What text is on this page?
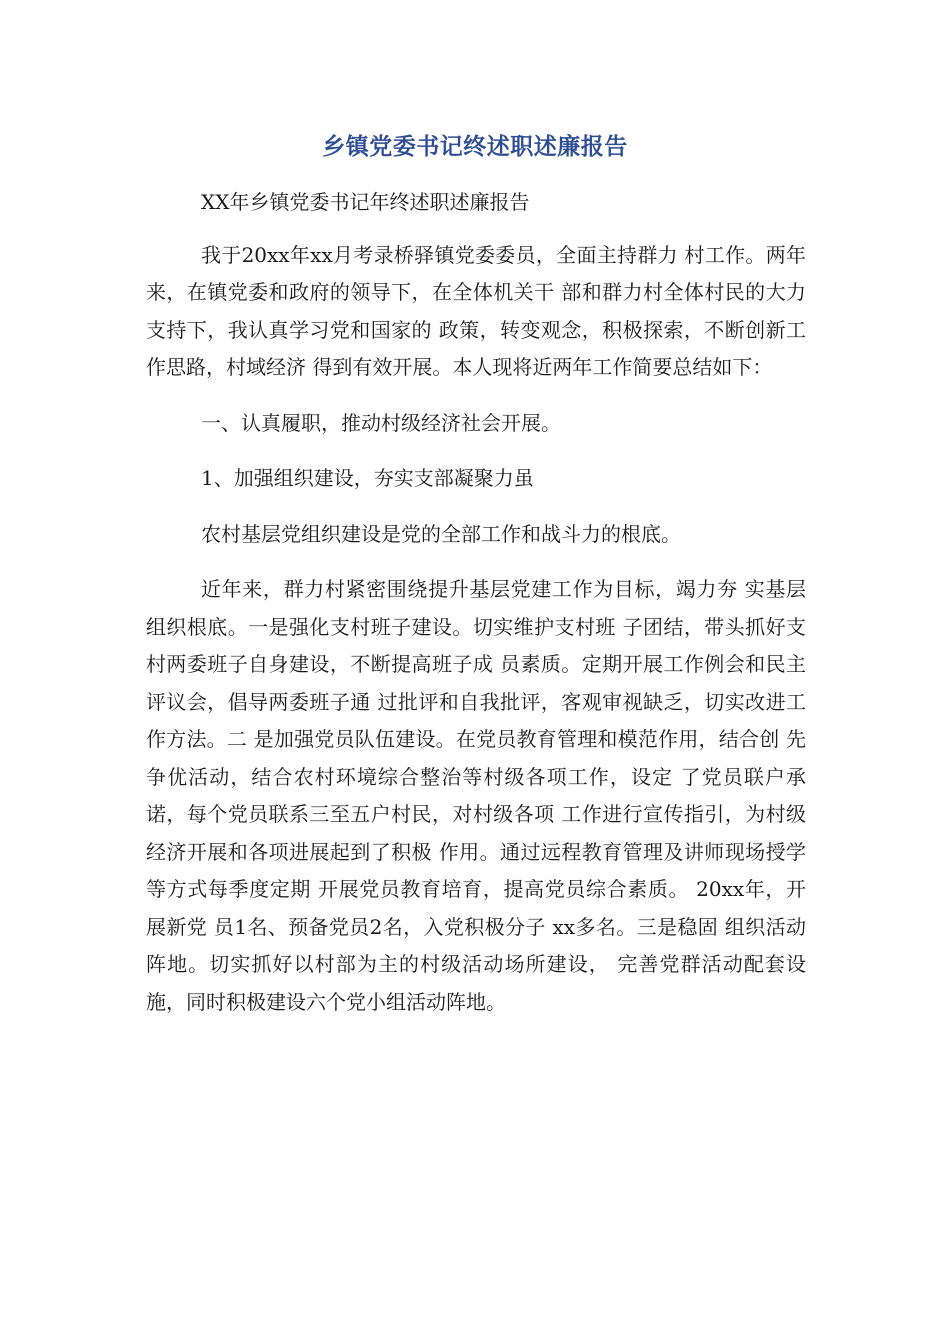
乡镇党委书记终述职述廉报告

XX年乡镇党委书记年终述职述廉报告

我于20xx年xx月考录桥驿镇党委委员，全面主持群力 村工作。两年来，在镇党委和政府的领导下，在全体机关干 部和群力村全体村民的大力支持下，我认真学习党和国家的 政策，转变观念，积极探索，不断创新工作思路，村域经济 得到有效开展。本人现将近两年工作简要总结如下：

一、认真履职，推动村级经济社会开展。

1、加强组织建设，夯实支部凝聚力虽

农村基层党组织建设是党的全部工作和战斗力的根底。

近年来，群力村紧密围绕提升基层党建工作为目标，竭力夯 实基层组织根底。一是强化支村班子建设。切实维护支村班 子团结，带头抓好支村两委班子自身建设，不断提高班子成 员素质。定期开展工作例会和民主评议会，倡导两委班子通 过批评和自我批评，客观审视缺乏，切实改进工作方法。二 是加强党员队伍建设。在党员教育管理和模范作用，结合创 先争优活动，结合农村环境综合整治等村级各项工作，设定 了党员联户承诺，每个党员联系三至五户村民，对村级各项 工作进行宣传指引，为村级经济开展和各项进展起到了积极 作用。通过远程教育管理及讲师现场授学等方式每季度定期 开展党员教育培育，提高党员综合素质。 20xx年，开展新党 员1名、预备党员2名，入党积极分子 xx多名。三是稳固 组织活动阵地。切实抓好以村部为主的村级活动场所建设， 完善党群活动配套设施，同时积极建设六个党小组活动阵地。
